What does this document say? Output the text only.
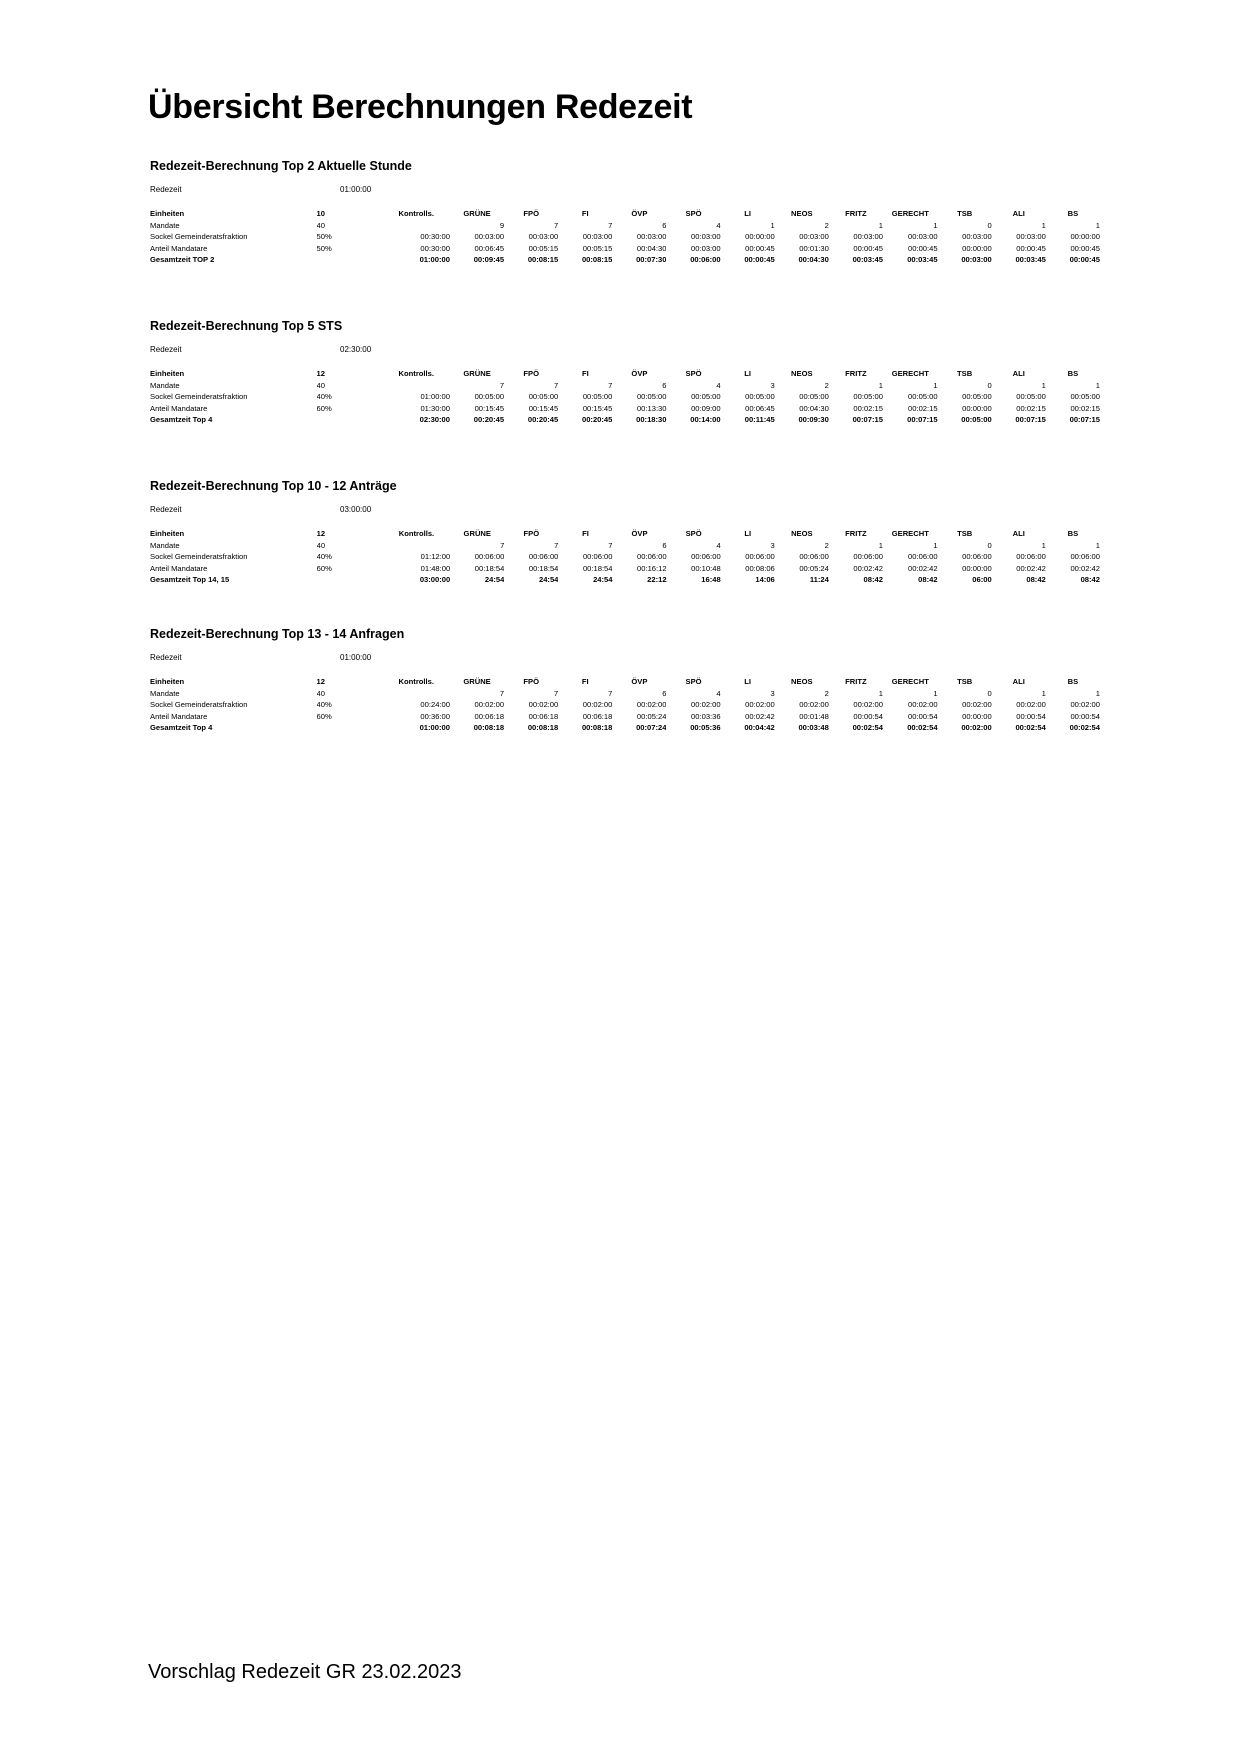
Übersicht Berechnungen Redezeit
Redezeit-Berechnung Top 2 Aktuelle Stunde
Redezeit	01:00:00
Einheiten	10	Kontrolls.	GRÜNE	FPÖ	FI	ÖVP	SPÖ	LI	NEOS	FRITZ	GERECHT	TSB	ALI	BS
Mandate	40		9	7	7	6	4	1	2	1	1	0	1	1
Sockel Gemeinderatsfraktion	50%	00:30:00	00:03:00	00:03:00	00:03:00	00:03:00	00:03:00	00:00:00	00:03:00	00:03:00	00:03:00	00:03:00	00:03:00	00:00:00
Anteil Mandatare	50%	00:30:00	00:06:45	00:05:15	00:05:15	00:04:30	00:03:00	00:00:45	00:01:30	00:00:45	00:00:45	00:00:00	00:00:45	00:00:45
Gesamtzeit TOP 2		01:00:00	00:09:45	00:08:15	00:08:15	00:07:30	00:06:00	00:00:45	00:04:30	00:03:45	00:03:45	00:03:00	00:03:45	00:00:45
Redezeit-Berechnung Top 5 STS
Redezeit	02:30:00
Einheiten	12	Kontrolls.	GRÜNE	FPÖ	FI	ÖVP	SPÖ	LI	NEOS	FRITZ	GERECHT	TSB	ALI	BS
Mandate	40		7	7	7	6	4	3	2	1	1	0	1	1
Sockel Gemeinderatsfraktion	40%	01:00:00	00:05:00	00:05:00	00:05:00	00:05:00	00:05:00	00:05:00	00:05:00	00:05:00	00:05:00	00:05:00	00:05:00	00:05:00
Anteil Mandatare	60%	01:30:00	00:15:45	00:15:45	00:15:45	00:13:30	00:09:00	00:06:45	00:04:30	00:02:15	00:02:15	00:00:00	00:02:15	00:02:15
Gesamtzeit Top 4		02:30:00	00:20:45	00:20:45	00:20:45	00:18:30	00:14:00	00:11:45	00:09:30	00:07:15	00:07:15	00:05:00	00:07:15	00:07:15
Redezeit-Berechnung Top 10 - 12 Anträge
Redezeit	03:00:00
Einheiten	12	Kontrolls.	GRÜNE	FPÖ	FI	ÖVP	SPÖ	LI	NEOS	FRITZ	GERECHT	TSB	ALI	BS
Mandate	40		7	7	7	6	4	3	2	1	1	0	1	1
Sockel Gemeinderatsfraktion	40%	01:12:00	00:06:00	00:06:00	00:06:00	00:06:00	00:06:00	00:06:00	00:06:00	00:06:00	00:06:00	00:06:00	00:06:00	00:06:00
Anteil Mandatare	60%	01:48:00	00:18:54	00:18:54	00:18:54	00:16:12	00:10:48	00:08:06	00:05:24	00:02:42	00:02:42	00:00:00	00:02:42	00:02:42
Gesamtzeit Top 14, 15		03:00:00	24:54	24:54	24:54	22:12	16:48	14:06	11:24	08:42	08:42	06:00	08:42	08:42
Redezeit-Berechnung Top 13 - 14 Anfragen
Redezeit	01:00:00
Einheiten	12	Kontrolls.	GRÜNE	FPÖ	FI	ÖVP	SPÖ	LI	NEOS	FRITZ	GERECHT	TSB	ALI	BS
Mandate	40		7	7	7	6	4	3	2	1	1	0	1	1
Sockel Gemeinderatsfraktion	40%	00:24:00	00:02:00	00:02:00	00:02:00	00:02:00	00:02:00	00:02:00	00:02:00	00:02:00	00:02:00	00:02:00	00:02:00	00:02:00
Anteil Mandatare	60%	00:36:00	00:06:18	00:06:18	00:06:18	00:05:24	00:03:36	00:02:42	00:01:48	00:00:54	00:00:54	00:00:00	00:00:54	00:00:54
Gesamtzeit Top 4		01:00:00	00:08:18	00:08:18	00:08:18	00:07:24	00:05:36	00:04:42	00:03:48	00:02:54	00:02:54	00:02:00	00:02:54	00:02:54
Vorschlag Redezeit GR 23.02.2023
